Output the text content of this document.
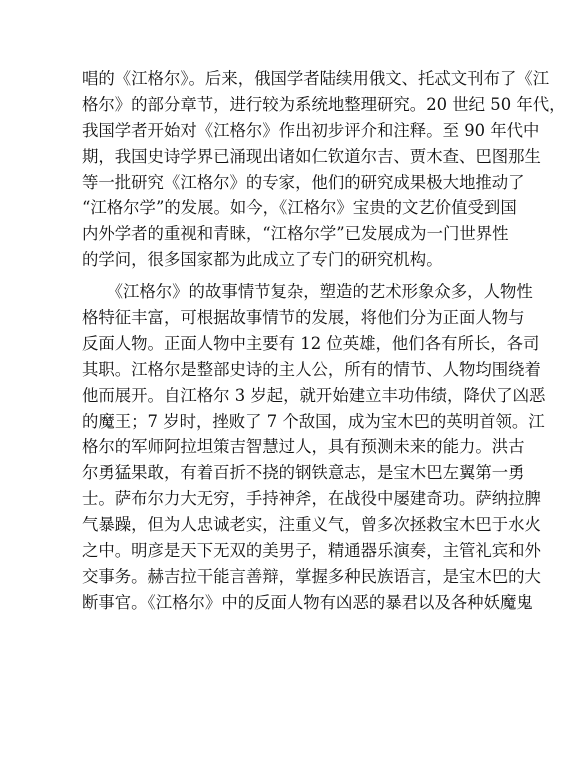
唱的《江格尔》。后来，俄国学者陆续用俄文、托忒文刊布了《江
格尔》的部分章节，进行较为系统地整理研究。20 世纪 50 年代，
我国学者开始对《江格尔》作出初步评介和注释。至 90 年代中
期，我国史诗学界已涌现出诸如仁钦道尔吉、贾木查、巴图那生
等一批研究《江格尔》的专家，他们的研究成果极大地推动了
“江格尔学”的发展。如今，《江格尔》宝贵的文艺价值受到国
内外学者的重视和青睐，“江格尔学”已发展成为一门世界性
的学问，很多国家都为此成立了专门的研究机构。

　　《江格尔》的故事情节复杂，塑造的艺术形象众多，人物性
格特征丰富，可根据故事情节的发展，将他们分为正面人物与
反面人物。正面人物中主要有 12 位英雄，他们各有所长，各司
其职。江格尔是整部史诗的主人公，所有的情节、人物均围绕着
他而展开。自江格尔 3 岁起，就开始建立丰功伟绩，降伏了凶恶
的魔王；7 岁时，挫败了 7 个敌国，成为宝木巴的英明首领。江
格尔的军师阿拉坦策吉智慧过人，具有预测未来的能力。洪古
尔勇猛果敢，有着百折不挠的钢铁意志，是宝木巴左翼第一勇
士。萨布尔力大无穷，手持神斧，在战役中屡建奇功。萨纳拉脾
气暴躁，但为人忠诚老实，注重义气，曾多次拯救宝木巴于水火
之中。明彦是天下无双的美男子，精通器乐演奏，主管礼宾和外
交事务。赫吉拉干能言善辩，掌握多种民族语言，是宝木巴的大
断事官。《江格尔》中的反面人物有凶恶的暴君以及各种妖魔鬼
